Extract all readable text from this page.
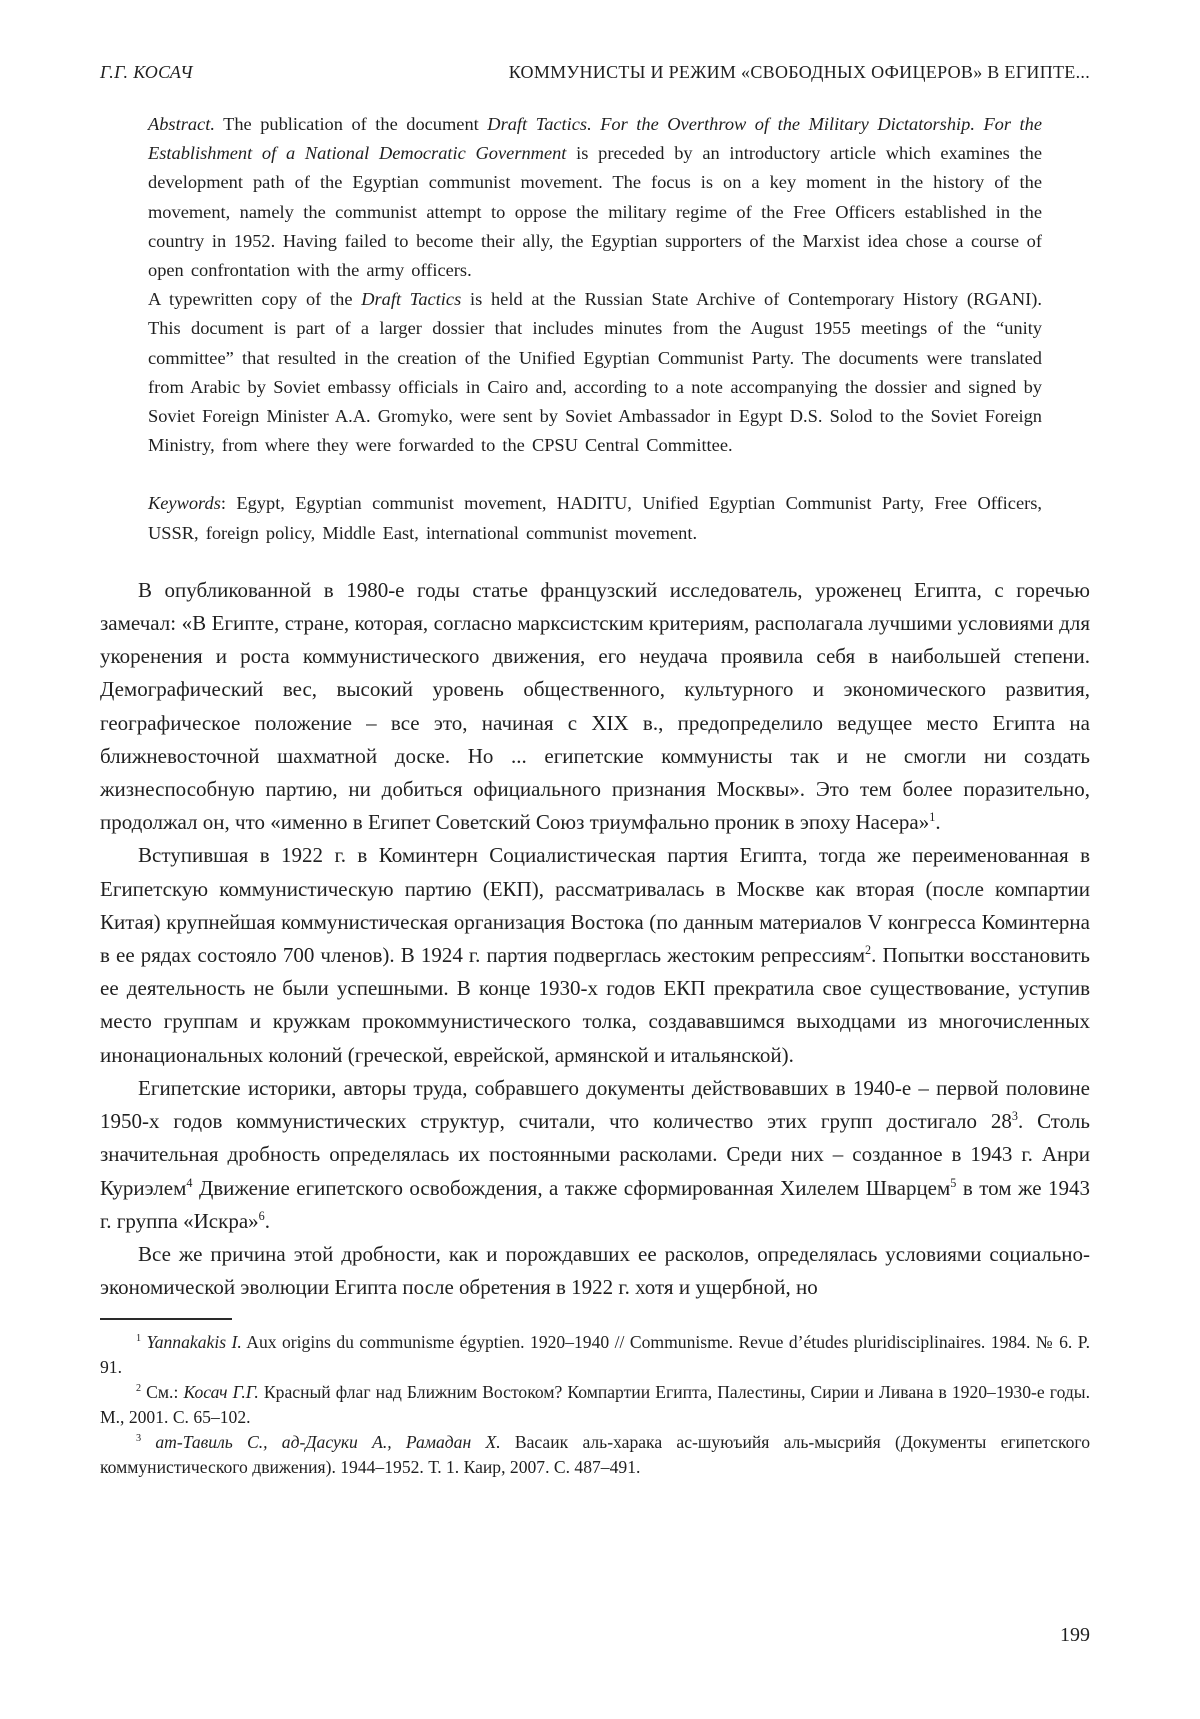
Г.Г. КОСАЧ	КОММУНИСТЫ И РЕЖИМ «СВОБОДНЫХ ОФИЦЕРОВ» В ЕГИПТЕ...

Abstract. The publication of the document Draft Tactics. For the Overthrow of the Military Dictatorship. For the Establishment of a National Democratic Government is preceded by an introductory article which examines the development path of the Egyptian communist movement. The focus is on a key moment in the history of the movement, namely the communist attempt to oppose the military regime of the Free Officers established in the country in 1952. Having failed to become their ally, the Egyptian supporters of the Marxist idea chose a course of open confrontation with the army officers.

A typewritten copy of the Draft Tactics is held at the Russian State Archive of Contemporary History (RGANI). This document is part of a larger dossier that includes minutes from the August 1955 meetings of the “unity committee” that resulted in the creation of the Unified Egyptian Communist Party. The documents were translated from Arabic by Soviet embassy officials in Cairo and, according to a note accompanying the dossier and signed by Soviet Foreign Minister A.A. Gromyko, were sent by Soviet Ambassador in Egypt D.S. Solod to the Soviet Foreign Ministry, from where they were forwarded to the CPSU Central Committee.

Keywords: Egypt, Egyptian communist movement, HADITU, Unified Egyptian Communist Party, Free Officers, USSR, foreign policy, Middle East, international communist movement.

В опубликованной в 1980-е годы статье французский исследователь, уроженец Египта, с горечью замечал: «В Египте, стране, которая, согласно марксистским критериям, располагала лучшими условиями для укоренения и роста коммунистического движения, его неудача проявила себя в наибольшей степени. Демографический вес, высокий уровень общественного, культурного и экономического развития, географическое положение – все это, начиная с XIX в., предопределило ведущее место Египта на ближневосточной шахматной доске. Но ... египетские коммунисты так и не смогли ни создать жизнеспособную партию, ни добиться официального признания Москвы». Это тем более поразительно, продолжал он, что «именно в Египет Советский Союз триумфально проник в эпоху Насера»$^1$.

Вступившая в 1922 г. в Коминтерн Социалистическая партия Египта, тогда же переименованная в Египетскую коммунистическую партию (ЕКП), рассматривалась в Москве как вторая (после компартии Китая) крупнейшая коммунистическая организация Востока (по данным материалов V конгресса Коминтерна в ее рядах состояло 700 членов). В 1924 г. партия подверглась жестоким репрессиям$^2$. Попытки восстановить ее деятельность не были успешными. В конце 1930-х годов ЕКП прекратила свое существование, уступив место группам и кружкам прокоммунистического толка, создававшимся выходцами из многочисленных инонациональных колоний (греческой, еврейской, армянской и итальянской).

Египетские историки, авторы труда, собравшего документы действовавших в 1940-е – первой половине 1950-х годов коммунистических структур, считали, что количество этих групп достигало $28^3$. Столь значительная дробность определялась их постоянными расколами. Среди них – созданное в 1943 г. Анри Куриэлем$^4$ Движение египетского освобождения, а также сформированная Хилелем Шварцем$^5$ в том же 1943 г. группа «Искра»$^6$.

Все же причина этой дробности, как и порождавших ее расколов, определялась условиями социально-экономической эволюции Египта после обретения в 1922 г. хотя и ущербной, но

$^1$ Yannakakis I. Aux origins du communisme égyptien. 1920–1940 // Communisme. Revue d’études pluridisciplinaires. 1984. № 6. P. 91.

$^2$ См.: Косач Г.Г. Красный флаг над Ближним Востоком? Компартии Египта, Палестины, Сирии и Ливана в 1920–1930-е годы. М., 2001. С. 65–102.

$^3$ ат-Тавиль С., ад-Дасуки А., Рамадан Х. Васаик аль-харака ас-шуюъийя аль-мысрийя (Документы египетского коммунистического движения). 1944–1952. Т. 1. Каир, 2007. С. 487–491.

199
